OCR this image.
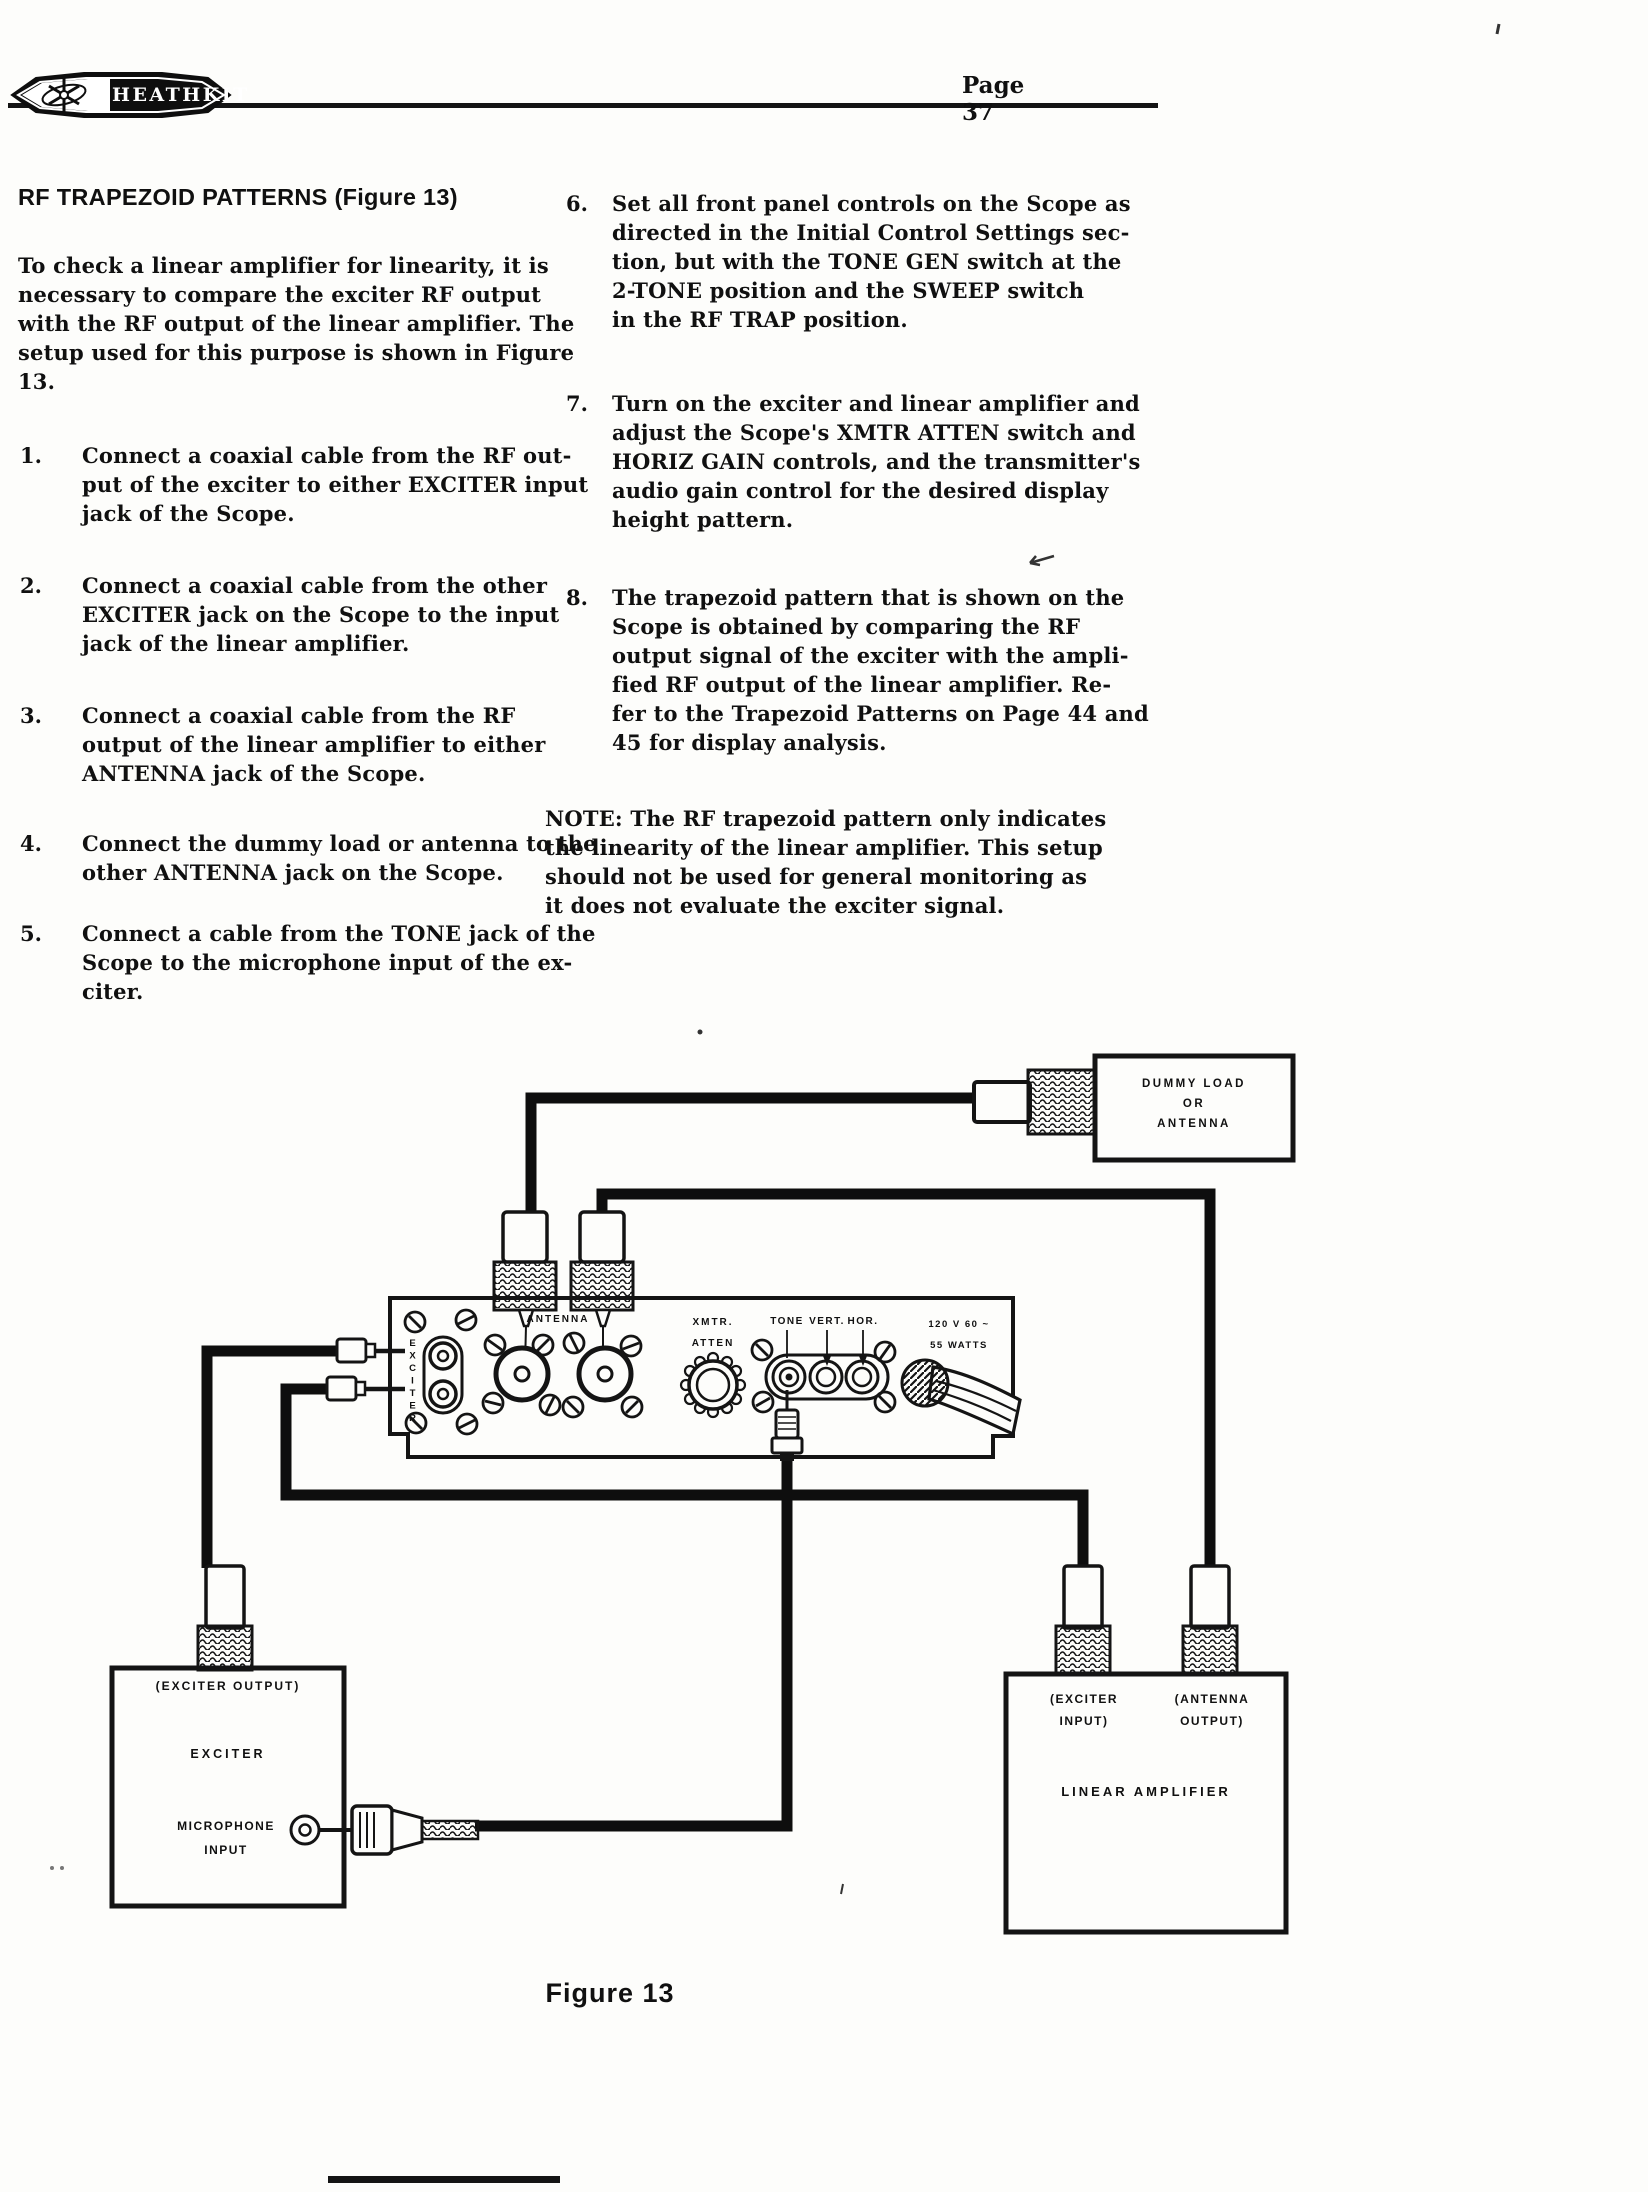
HEATHKIT	Page 37
RF TRAPEZOID PATTERNS (Figure 13)
To check a linear amplifier for linearity, it is
necessary to compare the exciter RF output
with the RF output of the linear amplifier. The
setup used for this purpose is shown in Figure
13.
1. Connect a coaxial cable from the RF out-
put of the exciter to either EXCITER input
jack of the Scope.
2. Connect a coaxial cable from the other
EXCITER jack on the Scope to the input
jack of the linear amplifier.
3. Connect a coaxial cable from the RF
output of the linear amplifier to either
ANTENNA jack of the Scope.
4. Connect the dummy load or antenna to the
other ANTENNA jack on the Scope.
5. Connect a cable from the TONE jack of the
Scope to the microphone input of the ex-
citer.
6. Set all front panel controls on the Scope as
directed in the Initial Control Settings sec-
tion, but with the TONE GEN switch at the
2-TONE position and the SWEEP switch
in the RF TRAP position.
7. Turn on the exciter and linear amplifier and
adjust the Scope's XMTR ATTEN switch and
HORIZ GAIN controls, and the transmitter's
audio gain control for the desired display
height pattern.
8. The trapezoid pattern that is shown on the
Scope is obtained by comparing the RF
output signal of the exciter with the ampli-
fied RF output of the linear amplifier. Re-
fer to the Trapezoid Patterns on Page 44 and
45 for display analysis.
NOTE: The RF trapezoid pattern only indicates
the linearity of the linear amplifier. This setup
should not be used for general monitoring as
it does not evaluate the exciter signal.
DUMMY LOAD
OR
ANTENNA
EXCITER
ANTENNA	XMTR.
ATTEN
TONE VERT. HOR.	120 V 60 ~
55 WATTS
(EXCITER OUTPUT)
EXCITER
MICROPHONE
INPUT
(EXCITER
INPUT)
(ANTENNA
OUTPUT)
LINEAR AMPLIFIER
Figure 13
